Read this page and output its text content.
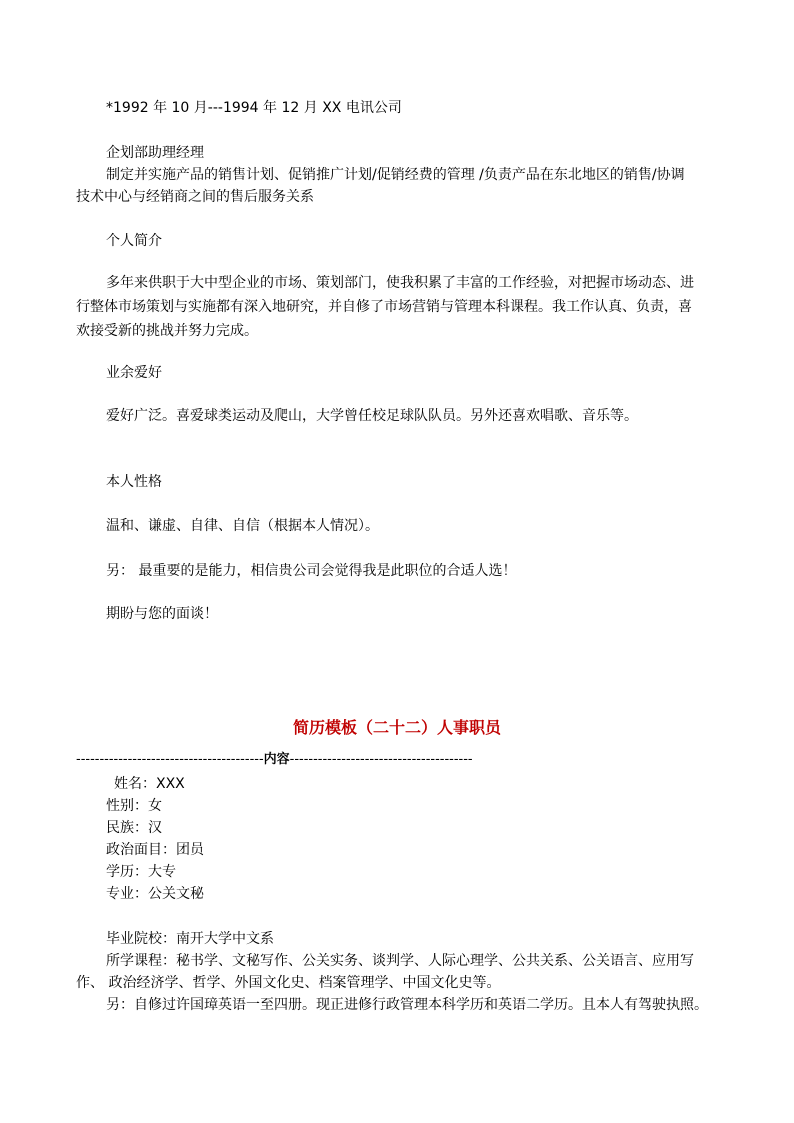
*1992 年 10 月---1994 年 12 月 XX 电讯公司
企划部助理经理
制定并实施产品的销售计划、促销推广计划/促销经费的管理 /负责产品在东北地区的销售/协调
技术中心与经销商之间的售后服务关系
个人简介
多年来供职于大中型企业的市场、策划部门，使我积累了丰富的工作经验，对把握市场动态、进
行整体市场策划与实施都有深入地研究，并自修了市场营销与管理本科课程。我工作认真、负责，喜
欢接受新的挑战并努力完成。
业余爱好
爱好广泛。喜爱球类运动及爬山，大学曾任校足球队队员。另外还喜欢唱歌、音乐等。
本人性格
温和、谦虚、自律、自信（根据本人情况）。
另： 最重要的是能力，相信贵公司会觉得我是此职位的合适人选！
期盼与您的面谈！
简历模板（二十二）人事职员
----------------------------------------内容---------------------------------------
姓名：XXX
性别：女
民族：汉
政治面目：团员
学历：大专
专业：公关文秘
毕业院校：南开大学中文系
所学课程：秘书学、文秘写作、公关实务、谈判学、人际心理学、公共关系、公关语言、应用写
作、 政治经济学、哲学、外国文化史、档案管理学、中国文化史等。
另：自修过许国璋英语一至四册。现正进修行政管理本科学历和英语二学历。且本人有驾驶执照。
